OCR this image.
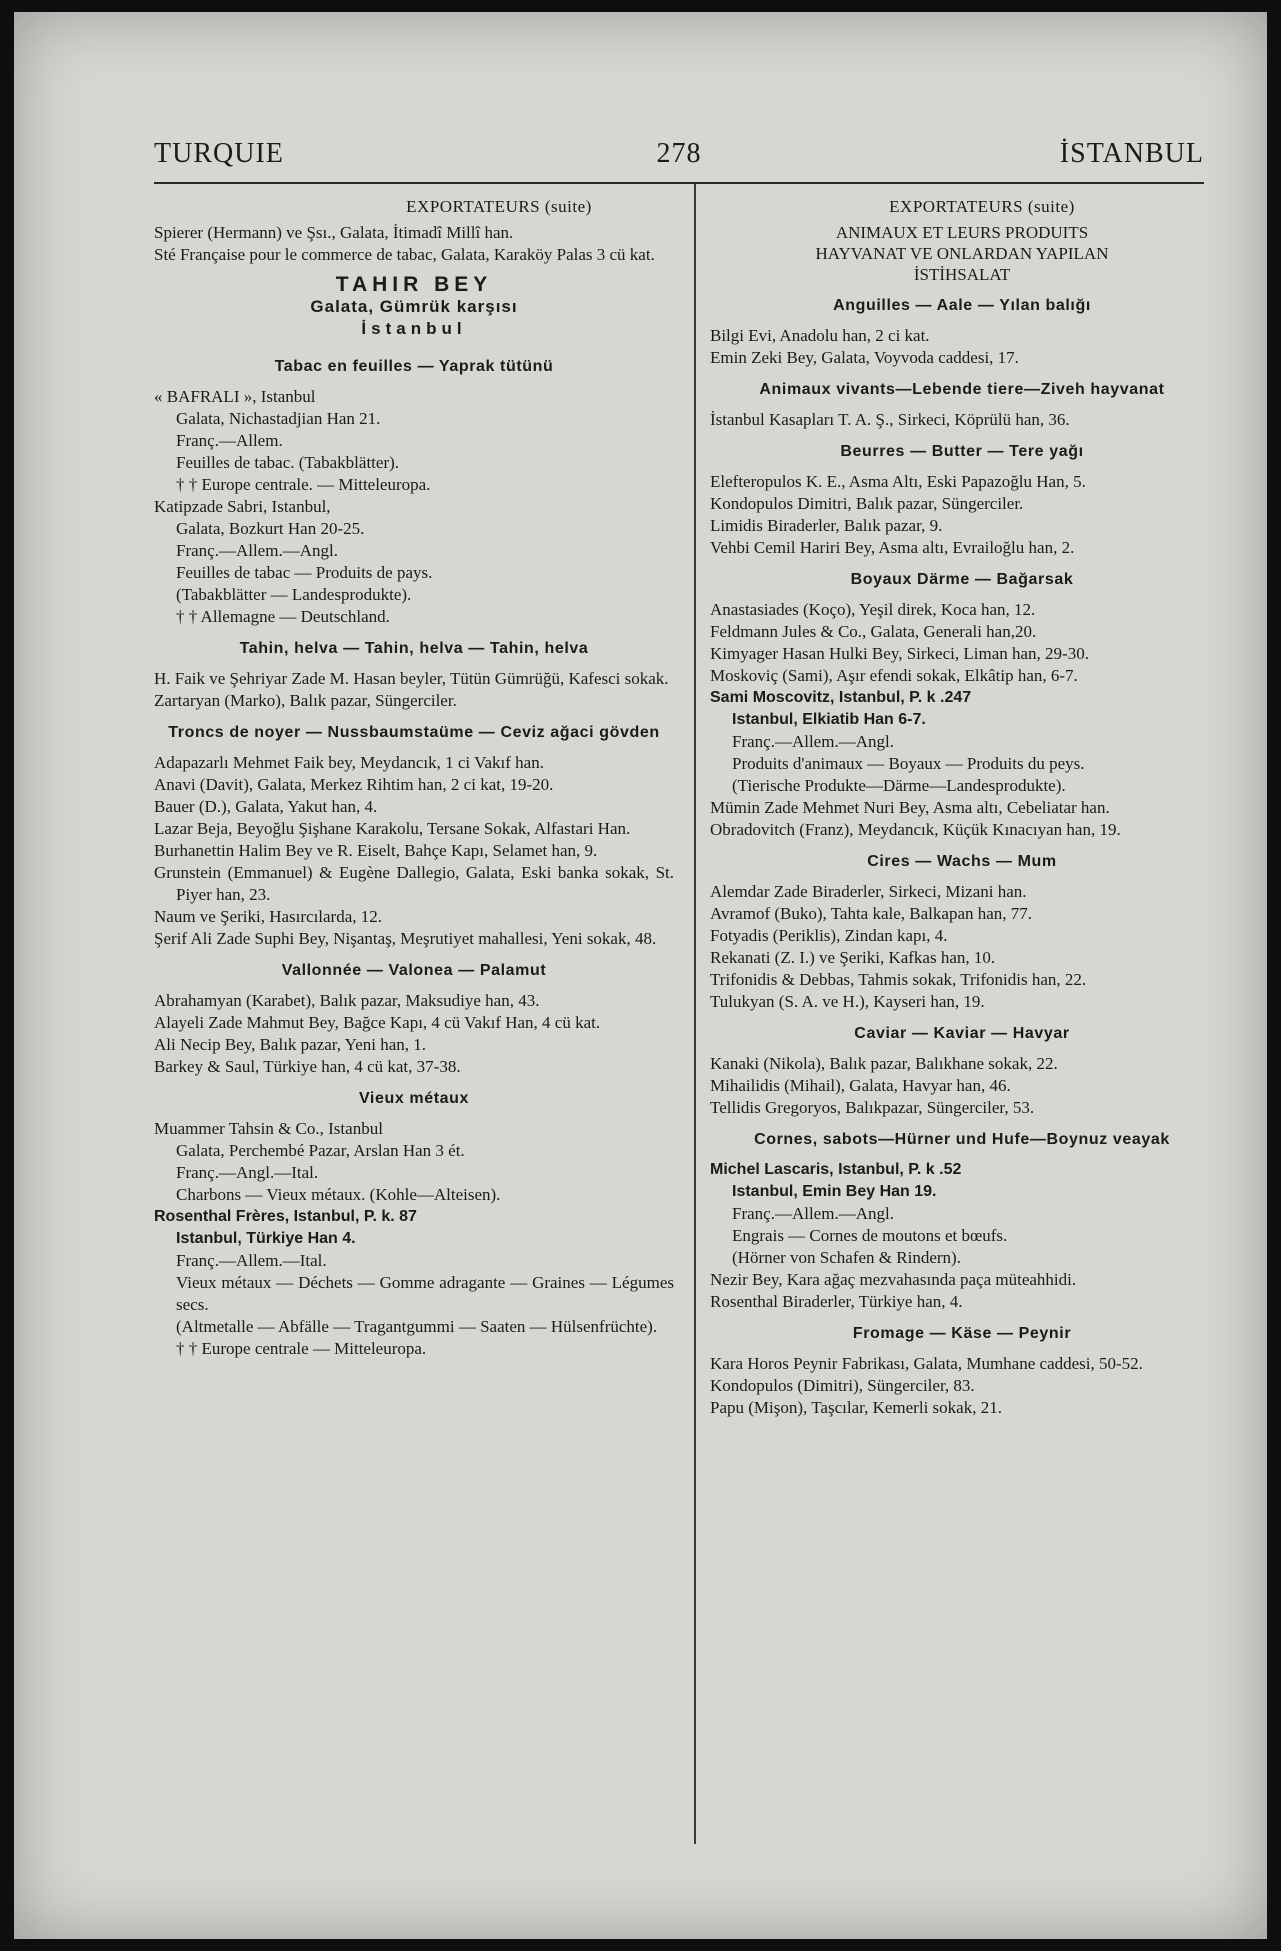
TURQUIE	278	İSTANBUL
EXPORTATEURS (suite)

Spierer (Hermann) ve Şsı., Galata, İtimadî Millî han.

Sté Française pour le commerce de tabac, Galata, Karaköy Palas 3 cü kat.

TAHIR BEY
Galata, Gümrük karşısı
İstanbul
Tabac en feuilles — Yaprak tütünü

« BAFRALI », Istanbul

Galata, Nichastadjian Han 21.

Franç.—Allem.

Feuilles de tabac. (Tabakblätter).

† † Europe centrale. — Mitteleuropa.

Katipzade Sabri, Istanbul,

Galata, Bozkurt Han 20-25.

Franç.—Allem.—Angl.

Feuilles de tabac — Produits de pays.

(Tabakblätter — Landesprodukte).

† † Allemagne — Deutschland.

Tahin, helva — Tahin, helva — Tahin, helva

H. Faik ve Şehriyar Zade M. Hasan beyler, Tütün Gümrüğü, Kafesci sokak.

Zartaryan (Marko), Balık pazar, Süngerciler.

Troncs de noyer — Nussbaumstaüme — Ceviz ağaci gövden

Adapazarlı Mehmet Faik bey, Meydancık, 1 ci Vakıf han.

Anavi (Davit), Galata, Merkez Rihtim han, 2 ci kat, 19-20.

Bauer (D.), Galata, Yakut han, 4.

Lazar Beja, Beyoğlu Şişhane Karakolu, Tersane Sokak, Alfastari Han.

Burhanettin Halim Bey ve R. Eiselt, Bahçe Kapı, Selamet han, 9.

Grunstein (Emmanuel) & Eugène Dallegio, Galata, Eski banka sokak, St. Piyer han, 23.

Naum ve Şeriki, Hasırcılarda, 12.

Şerif Ali Zade Suphi Bey, Nişantaş, Meşrutiyet mahallesi, Yeni sokak, 48.

Vallonnée — Valonea — Palamut

Abrahamyan (Karabet), Balık pazar, Maksudiye han, 43.

Alayeli Zade Mahmut Bey, Bağce Kapı, 4 cü Vakıf Han, 4 cü kat.

Ali Necip Bey, Balık pazar, Yeni han, 1.

Barkey & Saul, Türkiye han, 4 cü kat, 37-38.

Vieux métaux

Muammer Tahsin & Co., Istanbul

Galata, Perchembé Pazar, Arslan Han 3 ét.

Franç.—Angl.—Ital.

Charbons — Vieux métaux. (Kohle—Alteisen).

Rosenthal Frères, Istanbul, P. k. 87

Istanbul, Türkiye Han 4.

Franç.—Allem.—Ital.

Vieux métaux — Déchets — Gomme adragante — Graines — Légumes secs.

(Altmetalle — Abfälle — Tragantgummi — Saaten — Hülsenfrüchte).

† † Europe centrale — Mitteleuropa.

EXPORTATEURS (suite)
ANIMAUX ET LEURS PRODUITS
HAYVANAT VE ONLARDAN YAPILAN
İSTİHSALAT
Anguilles — Aale — Yılan balığı

Bilgi Evi, Anadolu han, 2 ci kat.

Emin Zeki Bey, Galata, Voyvoda caddesi, 17.

Animaux vivants—Lebende tiere—Ziveh hayvanat

İstanbul Kasapları T. A. Ş., Sirkeci, Köprülü han, 36.

Beurres — Butter — Tere yağı

Elefteropulos K. E., Asma Altı, Eski Papazoğlu Han, 5.

Kondopulos Dimitri, Balık pazar, Süngerciler.

Limidis Biraderler, Balık pazar, 9.

Vehbi Cemil Hariri Bey, Asma altı, Evrailoğlu han, 2.

Boyaux Därme — Bağarsak

Anastasiades (Koço), Yeşil direk, Koca han, 12.

Feldmann Jules & Co., Galata, Generali han,20.

Kimyager Hasan Hulki Bey, Sirkeci, Liman han, 29-30.

Moskoviç (Sami), Aşır efendi sokak, Elkâtip han, 6-7.

Sami Moscovitz, Istanbul, P. k .247

Istanbul, Elkiatib Han 6-7.

Franç.—Allem.—Angl.

Produits d'animaux — Boyaux — Produits du peys.

(Tierische Produkte—Därme—Landesprodukte).

Mümin Zade Mehmet Nuri Bey, Asma altı, Cebeliatar han.

Obradovitch (Franz), Meydancık, Küçük Kınacıyan han, 19.

Cires — Wachs — Mum

Alemdar Zade Biraderler, Sirkeci, Mizani han.

Avramof (Buko), Tahta kale, Balkapan han, 77.

Fotyadis (Periklis), Zindan kapı, 4.

Rekanati (Z. I.) ve Şeriki, Kafkas han, 10.

Trifonidis & Debbas, Tahmis sokak, Trifonidis han, 22.

Tulukyan (S. A. ve H.), Kayseri han, 19.

Caviar — Kaviar — Havyar

Kanaki (Nikola), Balık pazar, Balıkhane sokak, 22.

Mihailidis (Mihail), Galata, Havyar han, 46.

Tellidis Gregoryos, Balıkpazar, Süngerciler, 53.

Cornes, sabots—Hürner und Hufe—Boynuz veayak

Michel Lascaris, Istanbul, P. k .52

Istanbul, Emin Bey Han 19.

Franç.—Allem.—Angl.

Engrais — Cornes de moutons et bœufs.

(Hörner von Schafen & Rindern).

Nezir Bey, Kara ağaç mezvahasında paça müteahhidi.

Rosenthal Biraderler, Türkiye han, 4.

Fromage — Käse — Peynir

Kara Horos Peynir Fabrikası, Galata, Mumhane caddesi, 50-52.

Kondopulos (Dimitri), Süngerciler, 83.

Papu (Mişon), Taşcılar, Kemerli sokak, 21.
